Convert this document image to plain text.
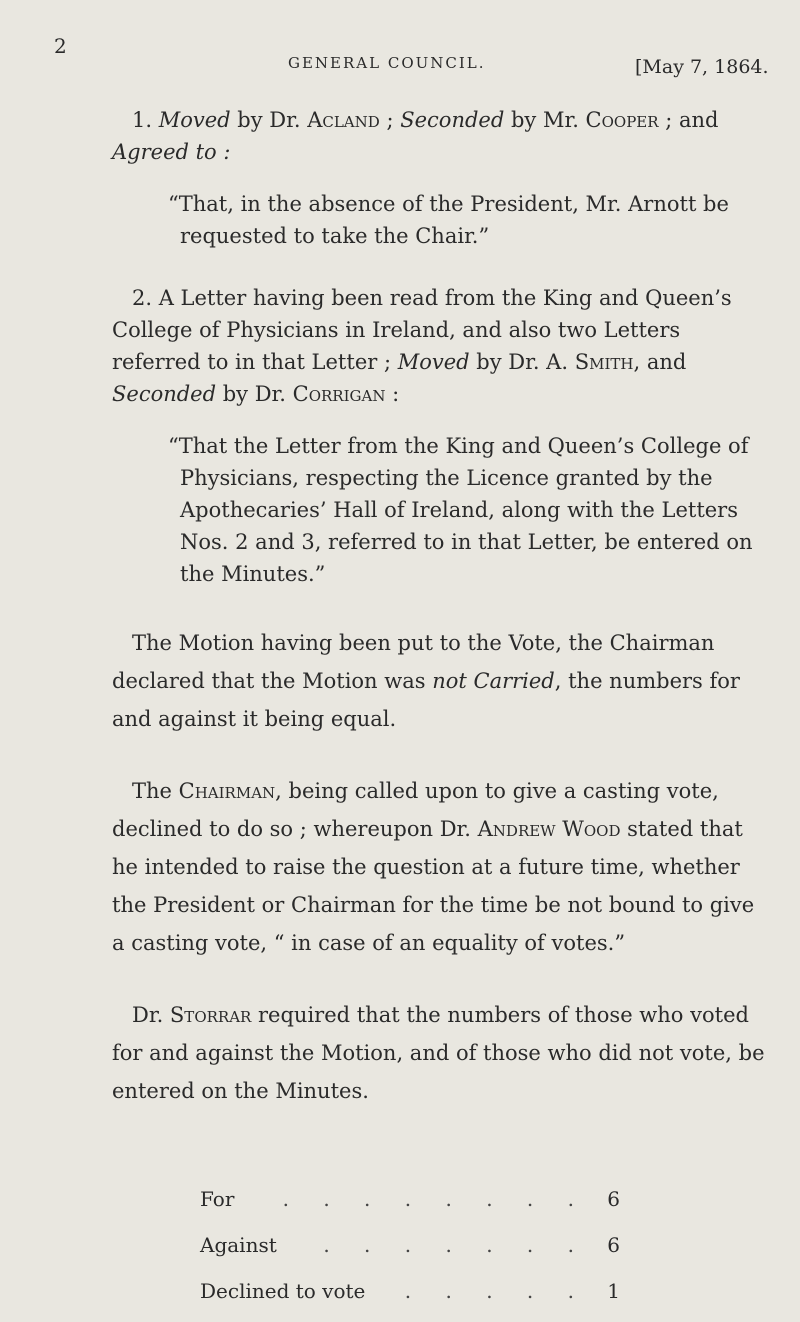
2
GENERAL COUNCIL.	[May 7, 1864.

1. Moved by Dr. Acland ; Seconded by Mr. Cooper ; and

Agreed to :

“That, in the absence of the President, Mr. Arnott be requested to take the Chair.”

2. A Letter having been read from the King and Queen’s College of Physicians in Ireland, and also two Letters referred to in that Letter ; Moved by Dr. A. Smith, and Seconded by Dr. Corrigan :

“That the Letter from the King and Queen’s College of Physicians, respecting the Licence granted by the Apothecaries’ Hall of Ireland, along with the Letters Nos. 2 and 3, referred to in that Letter, be entered on the Minutes.”

The Motion having been put to the Vote, the Chairman declared that the Motion was not Carried, the numbers for and against it being equal.

The Chairman, being called upon to give a casting vote, declined to do so ; whereupon Dr. Andrew Wood stated that he intended to raise the question at a future time, whether the President or Chairman for the time be not bound to give a casting vote, “ in case of an equality of votes.”

Dr. Storrar required that the numbers of those who voted for and against the Motion, and of those who did not vote, be entered on the Minutes.

For	. . . . . . . . 6
Against	. . . . . . . 6
Declined to vote	. . . . . 1
